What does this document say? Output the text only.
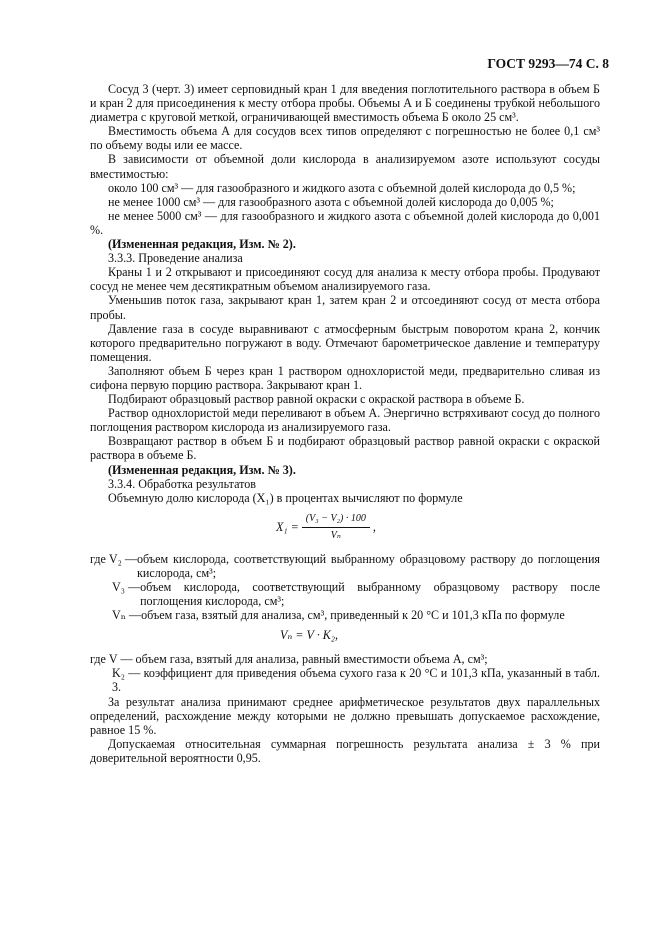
ГОСТ 9293—74 С. 8

Сосуд 3 (черт. 3) имеет серповидный кран 1 для введения поглотительного раствора в объем Б и кран 2 для присоединения к месту отбора пробы. Объемы А и Б соединены трубкой небольшого диаметра с круговой меткой, ограничивающей вместимость объема Б около 25 см³.

Вместимость объема А для сосудов всех типов определяют с погрешностью не более 0,1 см³ по объему воды или ее массе.

В зависимости от объемной доли кислорода в анализируемом азоте используют сосуды вместимостью:

около 100 см³ — для газообразного и жидкого азота с объемной долей кислорода до 0,5 %;

не менее 1000 см³ — для газообразного азота с объемной долей кислорода до 0,005 %;

не менее 5000 см³ — для газообразного и жидкого азота с объемной долей кислорода до 0,001 %.

(Измененная редакция, Изм. № 2).

3.3.3. Проведение анализа

Краны 1 и 2 открывают и присоединяют сосуд для анализа к месту отбора пробы. Продувают сосуд не менее чем десятикратным объемом анализируемого газа.

Уменьшив поток газа, закрывают кран 1, затем кран 2 и отсоединяют сосуд от места отбора пробы.

Давление газа в сосуде выравнивают с атмосферным быстрым поворотом крана 2, кончик которого предварительно погружают в воду. Отмечают барометрическое давление и температуру помещения.

Заполняют объем Б через кран 1 раствором однохлористой меди, предварительно сливая из сифона первую порцию раствора. Закрывают кран 1.

Подбирают образцовый раствор равной окраски с окраской раствора в объеме Б.

Раствор однохлористой меди переливают в объем А. Энергично встряхивают сосуд до полного поглощения раствором кислорода из анализируемого газа.

Возвращают раствор в объем Б и подбирают образцовый раствор равной окраски с окраской раствора в объеме Б.

(Измененная редакция, Изм. № 3).

3.3.4. Обработка результатов

Объемную долю кислорода (X₁) в процентах вычисляют по формуле

$X_1 = \frac{\text{(V₃ − V₂) · 100}}{\text{Vₙ}}$ ,
где V₂ — объем кислорода, соответствующий выбранному образцовому раствору до поглощения кислорода, см³;
V₃ — объем кислорода, соответствующий выбранному образцовому раствору после поглощения кислорода, см³;
Vₙ — объем газа, взятый для анализа, см³, приведенный к 20 °C и 101,3 кПа по формуле
Vₙ = V · K₂,

где V — объем газа, взятый для анализа, равный вместимости объема А, см³;

K₂ — коэффициент для приведения объема сухого газа к 20 °C и 101,3 кПа, указанный в табл. 3.

За результат анализа принимают среднее арифметическое результатов двух параллельных определений, расхождение между которыми не должно превышать допускаемое расхождение, равное 15 %.

Допускаемая относительная суммарная погрешность результата анализа ± 3 % при доверительной вероятности 0,95.
